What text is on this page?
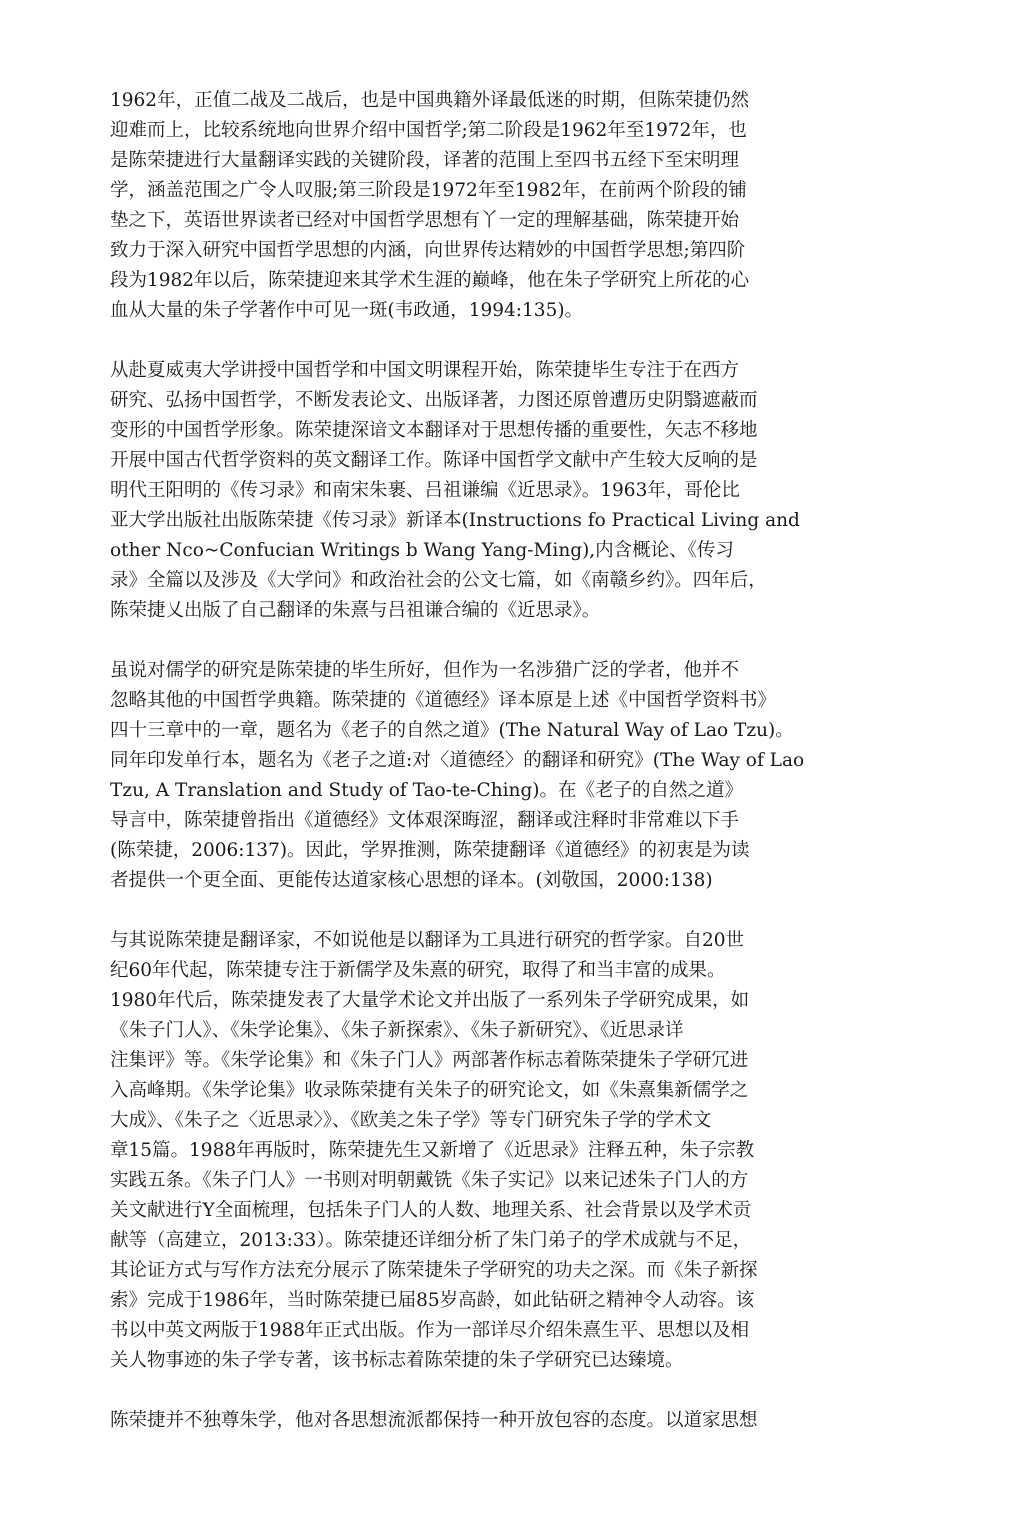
1962年，正值二战及二战后，也是中国典籍外译最低迷的时期，但陈荣捷仍然
迎难而上，比较系统地向世界介绍中国哲学;第二阶段是1962年至1972年，也
是陈荣捷进行大量翻译实践的关键阶段，译著的范围上至四书五经下至宋明理
学，涵盖范围之广令人叹服;第三阶段是1972年至1982年，在前两个阶段的铺
垫之下，英语世界读者已经对中国哲学思想有丫一定的理解基础，陈荣捷开始
致力于深入研究中国哲学思想的内涵，向世界传达精妙的中国哲学思想;第四阶
段为1982年以后，陈荣捷迎来其学术生涯的巅峰，他在朱子学研究上所花的心
血从大量的朱子学著作中可见一斑(韦政通，1994:135)。

从赴夏威夷大学讲授中国哲学和中国文明课程开始，陈荣捷毕生专注于在西方
研究、弘扬中国哲学，不断发表论文、出版译著，力图还原曾遭历史阴翳遮蔽而
变形的中国哲学形象。陈荣捷深谙文本翻译对于思想传播的重要性，矢志不移地
开展中国古代哲学资料的英文翻译工作。陈译中国哲学文献中产生较大反响的是
明代王阳明的《传习录》和南宋朱裹、吕祖谦编《近思录》。1963年，哥伦比
亚大学出版社出版陈荣捷《传习录》新译本(Instructions fo Practical Living and
other Nco~Confucian Writings b Wang Yang-Ming),内含概论、《传习
录》全篇以及涉及《大学问》和政治社会的公文七篇，如《南赣乡约》。四年后，
陈荣捷乂出版了自己翻译的朱熹与吕祖谦合编的《近思录》。

虽说对儒学的研究是陈荣捷的毕生所好，但作为一名涉猎广泛的学者，他并不
忽略其他的中国哲学典籍。陈荣捷的《道德经》译本原是上述《中国哲学资料书》
四十三章中的一章，题名为《老子的自然之道》(The Natural Way of Lao Tzu)。
同年印发单行本，题名为《老子之道:对〈道德经〉的翻译和研究》(The Way of Lao
Tzu, A Translation and Study of Tao-te-Ching)。在《老子的自然之道》
导言中，陈荣捷曾指出《道德经》文体艰深晦涩，翻译或注释时非常难以下手
(陈荣捷，2006:137)。因此，学界推测，陈荣捷翻译《道德经》的初衷是为读
者提供一个更全面、更能传达道家核心思想的译本。(刘敬国，2000:138)

与其说陈荣捷是翻译家，不如说他是以翻译为工具进行研究的哲学家。自20世
纪60年代起，陈荣捷专注于新儒学及朱熹的研究，取得了和当丰富的成果。
1980年代后，陈荣捷发表了大量学术论文并出版了一系列朱子学研究成果，如
《朱子门人》、《朱学论集》、《朱子新探索》、《朱子新研究》、《近思录详
注集评》等。《朱学论集》和《朱子门人》两部著作标志着陈荣捷朱子学研冗进
入高峰期。《朱学论集》收录陈荣捷有关朱子的研究论文，如《朱熹集新儒学之
大成》、《朱子之〈近思录〉》、《欧美之朱子学》等专门研究朱子学的学术文
章15篇。1988年再版时，陈荣捷先生又新增了《近思录》注释五种，朱子宗教
实践五条。《朱子门人》一书则对明朝戴铣《朱子实记》以来记述朱子门人的方
关文献进行Y全面梳理，包括朱子门人的人数、地理关系、社会背景以及学术贡
献等（高建立，2013:33）。陈荣捷还详细分析了朱门弟子的学术成就与不足，
其论证方式与写作方法充分展示了陈荣捷朱子学研究的功夫之深。而《朱子新探
索》完成于1986年，当时陈荣捷已届85岁高龄，如此钻研之精神令人动容。该
书以中英文两版于1988年正式出版。作为一部详尽介绍朱熹生平、思想以及相
关人物事迹的朱子学专著，该书标志着陈荣捷的朱子学研究已达臻境。

陈荣捷并不独尊朱学，他对各思想流派都保持一种开放包容的态度。以道家思想
